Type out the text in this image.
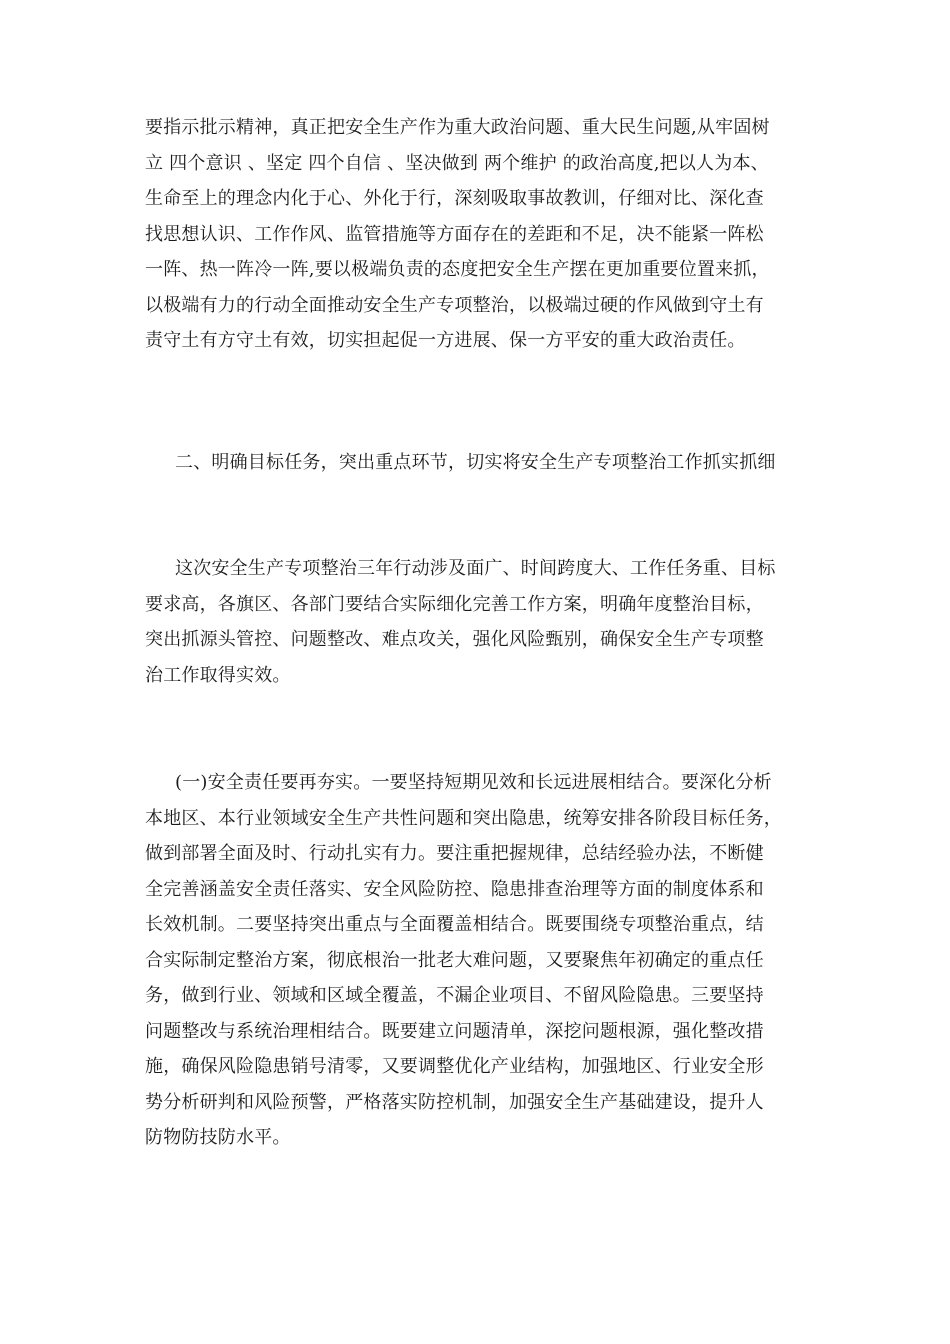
要指示批示精神，真正把安全生产作为重大政治问题、重大民生问题,从牢固树
立 四个意识 、坚定 四个自信 、坚决做到 两个维护 的政治高度,把以人为本、
生命至上的理念内化于心、外化于行，深刻吸取事故教训，仔细对比、深化查
找思想认识、工作作风、监管措施等方面存在的差距和不足，决不能紧一阵松
一阵、热一阵冷一阵,要以极端负责的态度把安全生产摆在更加重要位置来抓，
以极端有力的行动全面推动安全生产专项整治，以极端过硬的作风做到守土有
责守土有方守土有效，切实担起促一方进展、保一方平安的重大政治责任。
二、明确目标任务，突出重点环节，切实将安全生产专项整治工作抓实抓细
这次安全生产专项整治三年行动涉及面广、时间跨度大、工作任务重、目标
要求高，各旗区、各部门要结合实际细化完善工作方案，明确年度整治目标，
突出抓源头管控、问题整改、难点攻关，强化风险甄别，确保安全生产专项整
治工作取得实效。
(一)安全责任要再夯实。一要坚持短期见效和长远进展相结合。要深化分析
本地区、本行业领域安全生产共性问题和突出隐患，统筹安排各阶段目标任务，
做到部署全面及时、行动扎实有力。要注重把握规律，总结经验办法，不断健
全完善涵盖安全责任落实、安全风险防控、隐患排查治理等方面的制度体系和
长效机制。二要坚持突出重点与全面覆盖相结合。既要围绕专项整治重点，结
合实际制定整治方案，彻底根治一批老大难问题，又要聚焦年初确定的重点任
务，做到行业、领域和区域全覆盖，不漏企业项目、不留风险隐患。三要坚持
问题整改与系统治理相结合。既要建立问题清单，深挖问题根源，强化整改措
施，确保风险隐患销号清零，又要调整优化产业结构，加强地区、行业安全形
势分析研判和风险预警，严格落实防控机制，加强安全生产基础建设，提升人
防物防技防水平。
